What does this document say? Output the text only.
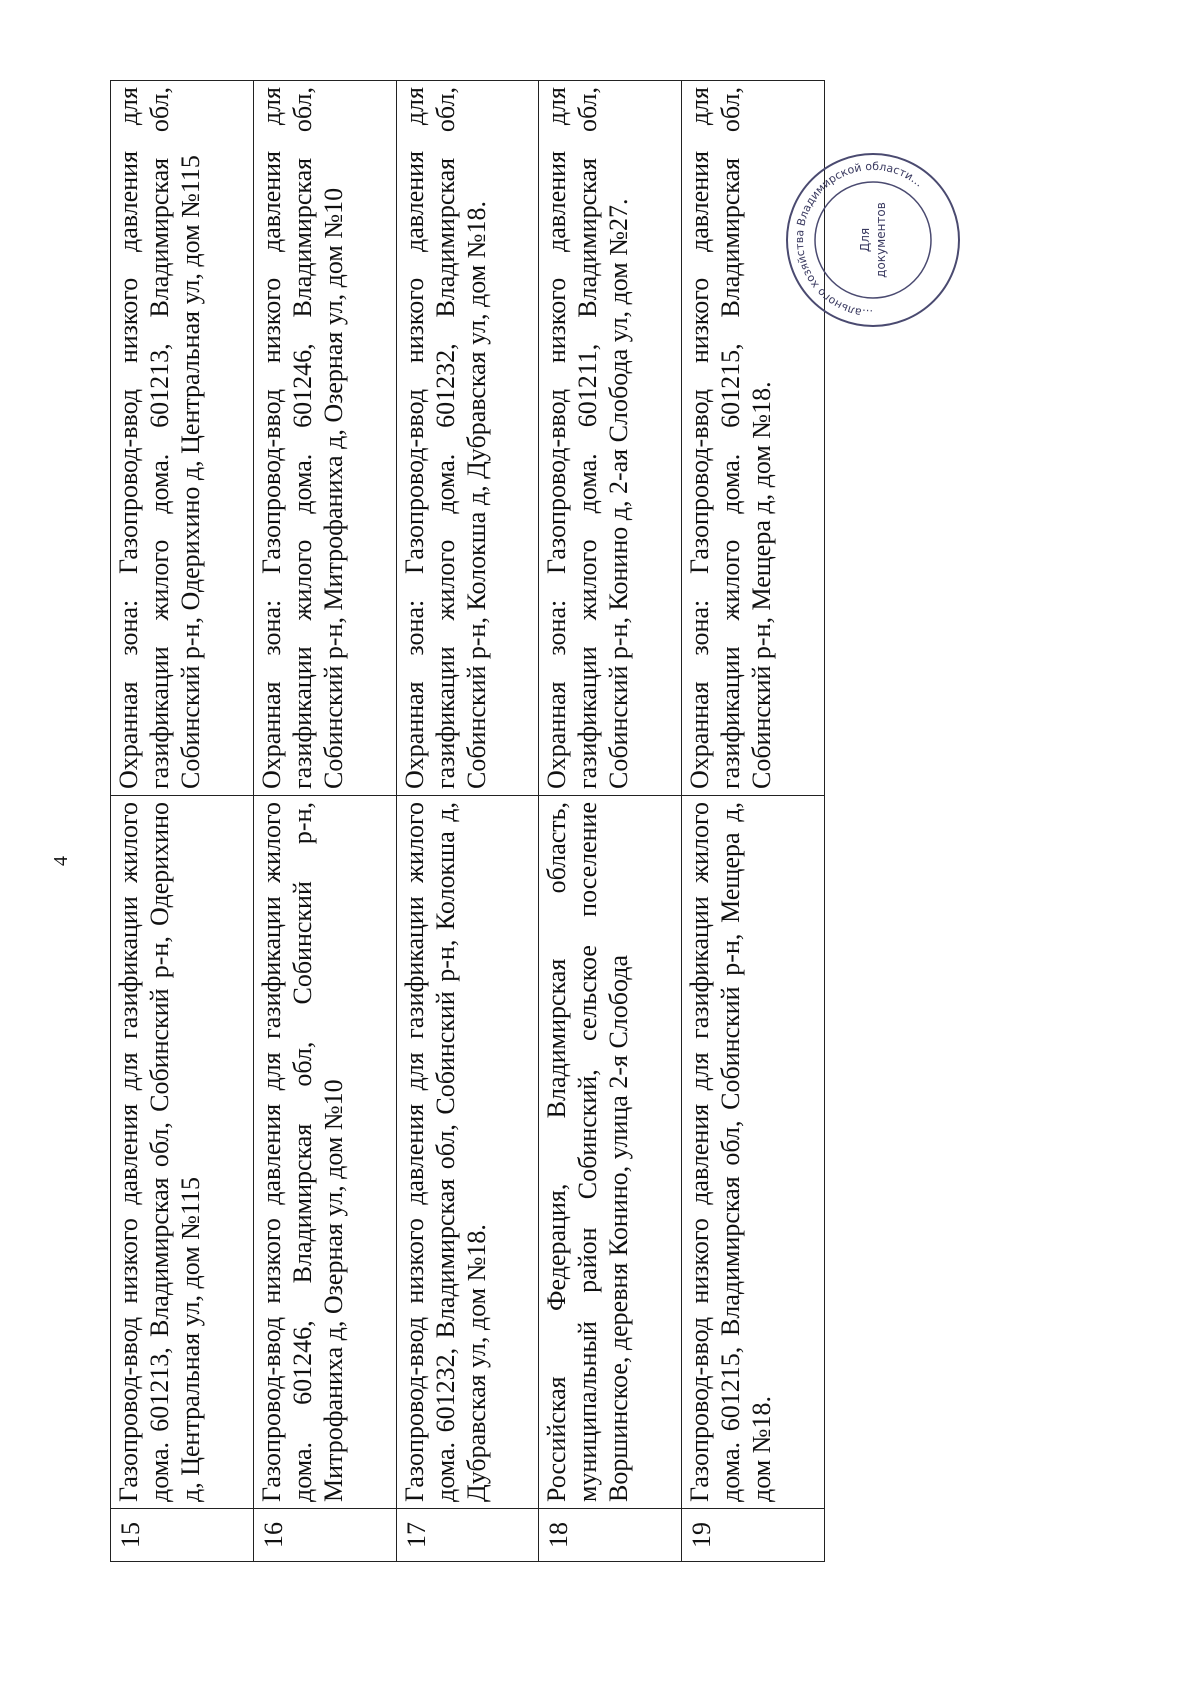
4
15	Газопровод-ввод низкого давления для газификации жилого дома. 601213, Владимирская обл, Собинский р-н, Одерихино д, Центральная ул, дом №115	Охранная зона: Газопровод-ввод низкого давления для газификации жилого дома. 601213, Владимирская обл, Собинский р-н, Одерихино д, Центральная ул, дом №115
16	Газопровод-ввод низкого давления для газификации жилого дома. 601246, Владимирская обл, Собинский р-н, Митрофаниха д, Озерная ул, дом №10	Охранная зона: Газопровод-ввод низкого давления для газификации жилого дома. 601246, Владимирская обл, Собинский р-н, Митрофаниха д, Озерная ул, дом №10
17	Газопровод-ввод низкого давления для газификации жилого дома. 601232, Владимирская обл, Собинский р-н, Колокша д, Дубравская ул, дом №18.	Охранная зона: Газопровод-ввод низкого давления для газификации жилого дома. 601232, Владимирская обл, Собинский р-н, Колокша д, Дубравская ул, дом №18.
18	Российская Федерация, Владимирская область, муниципальный район Собинский, сельское поселение Воршинское, деревня Конино, улица 2-я Слобода	Охранная зона: Газопровод-ввод низкого давления для газификации жилого дома. 601211, Владимирская обл, Собинский р-н, Конино д, 2-ая Слобода ул, дом №27.
19	Газопровод-ввод низкого давления для газификации жилого дома. 601215, Владимирская обл, Собинский р-н, Мещера д, дом №18.	Охранная зона: Газопровод-ввод низкого давления для газификации жилого дома. 601215, Владимирская обл, Собинский р-н, Мещера д, дом №18.
…ального хозяйства Владимирской области…
Для документов
